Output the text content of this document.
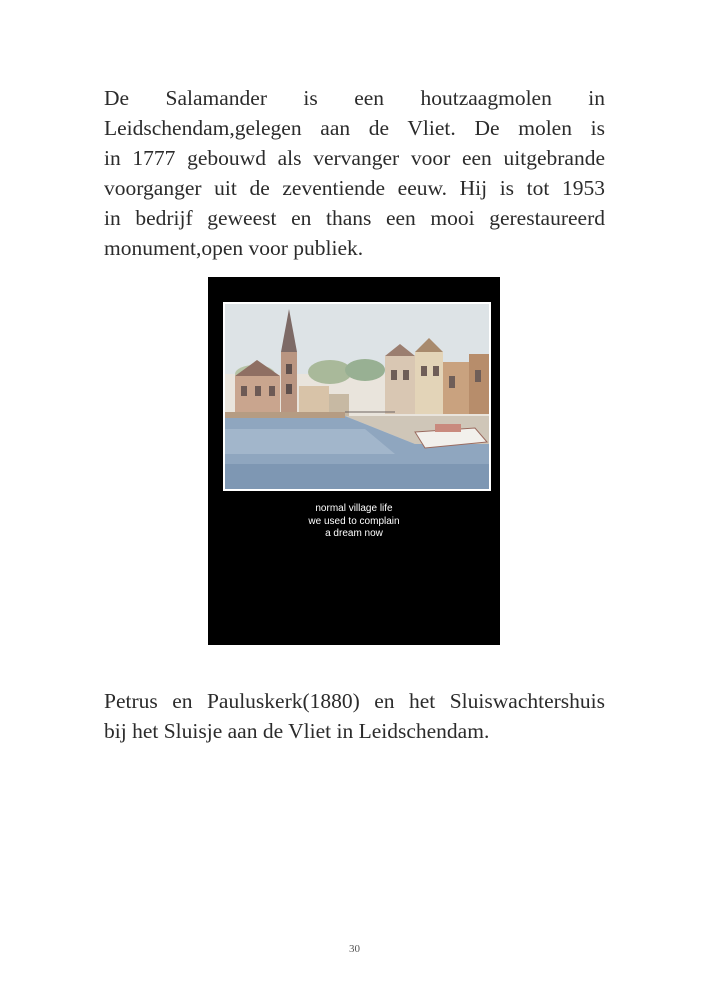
De Salamander is een houtzaagmolen in
Leidschendam,gelegen aan de Vliet. De molen is
in 1777 gebouwd als vervanger voor een uitgebrande
voorganger uit de zeventiende eeuw. Hij is tot 1953
in bedrijf geweest en thans een mooi gerestaureerd
monument,open voor publiek.
normal village life
we used to complain
a dream now
Petrus en Pauluskerk(1880) en het Sluiswachtershuis
bij het Sluisje aan de Vliet in Leidschendam.
30
